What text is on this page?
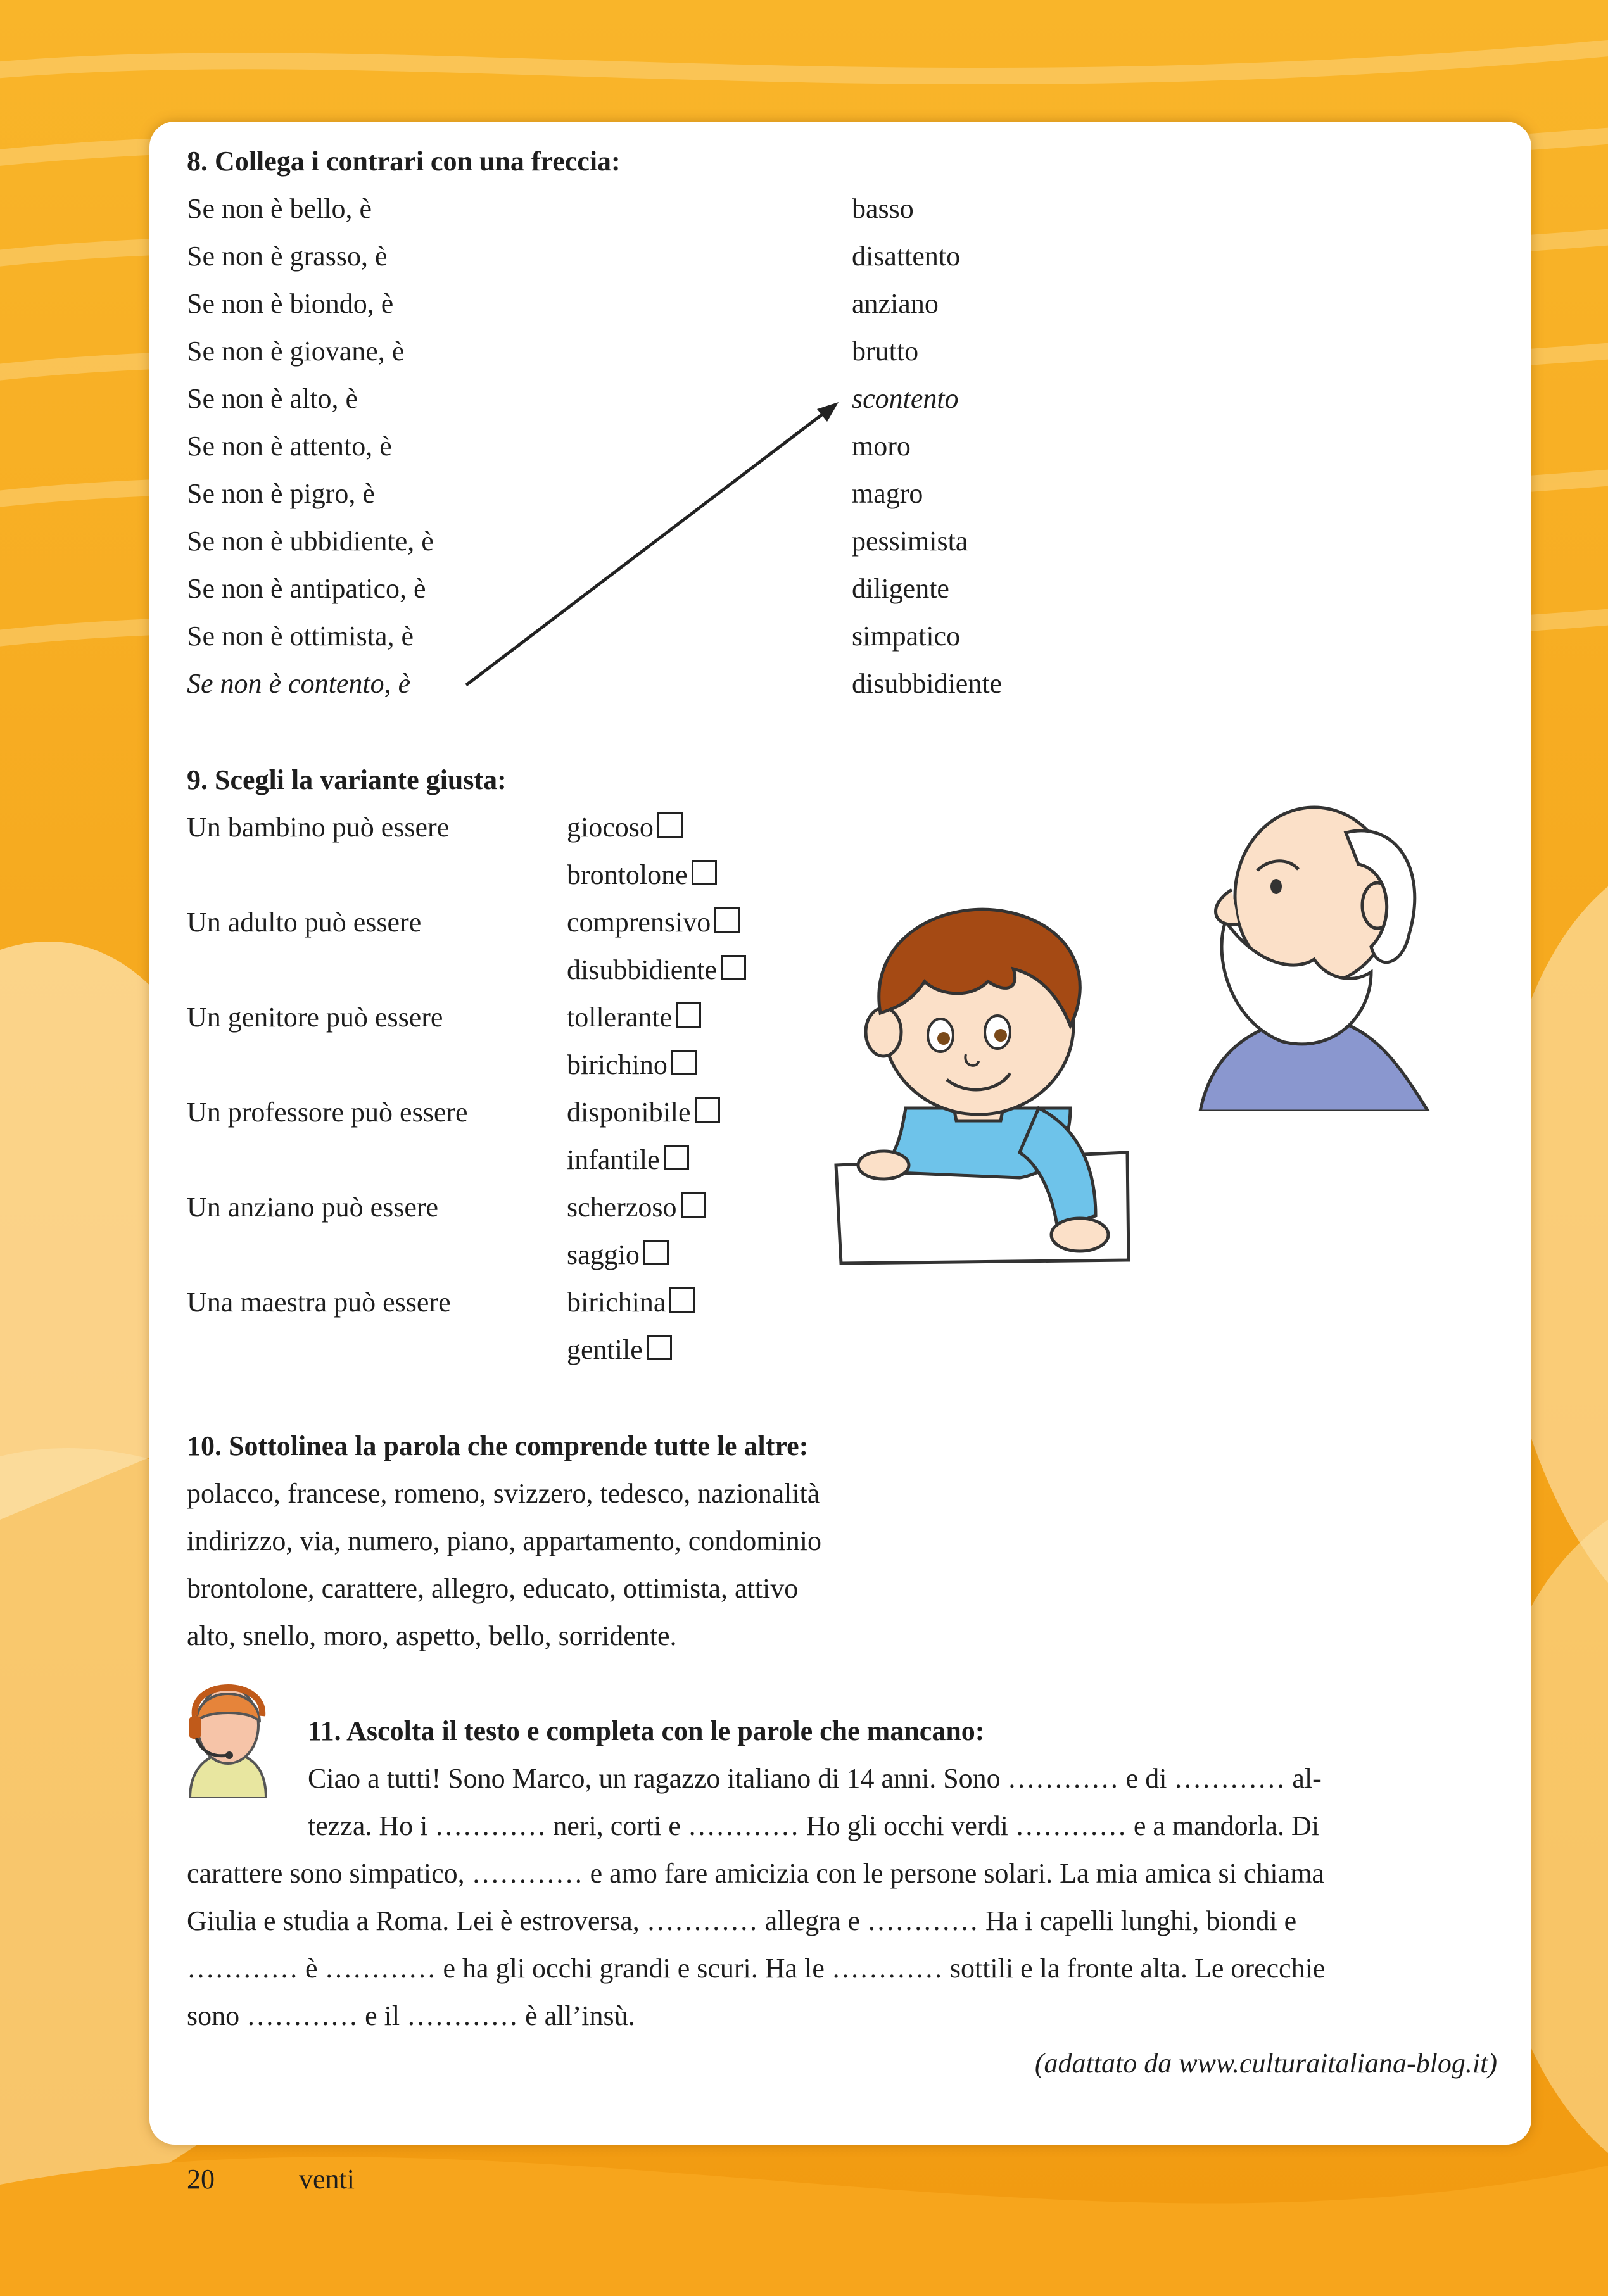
8. Collega i contrari con una freccia:
Se non è bello, è
Se non è grasso, è
Se non è biondo, è
Se non è giovane, è
Se non è alto, è
Se non è attento, è
Se non è pigro, è
Se non è ubbidiente, è
Se non è antipatico, è
Se non è ottimista, è
Se non è contento, è
basso
disattento
anziano
brutto
scontento
moro
magro
pessimista
diligente
simpatico
disubbidiente
9. Scegli la variante giusta:
Un bambino può essere
Un adulto può essere
Un genitore può essere
Un professore può essere
Un anziano può essere
Una maestra può essere
giocoso
brontolone
comprensivo
disubbidiente
tollerante
birichino
disponibile
infantile
scherzoso
saggio
birichina
gentile
10. Sottolinea la parola che comprende tutte le altre:
polacco, francese, romeno, svizzero, tedesco, nazionalità
indirizzo, via, numero, piano, appartamento, condominio
brontolone, carattere, allegro, educato, ottimista, attivo
alto, snello, moro, aspetto, bello, sorridente.
11. Ascolta il testo e completa con le parole che mancano:
Ciao a tutti! Sono Marco, un ragazzo italiano di 14 anni. Sono ………… e di ………… al-
tezza. Ho i ………… neri, corti e ………… Ho gli occhi verdi ………… e a mandorla. Di
carattere sono simpatico, ………… e amo fare amicizia con le persone solari. La mia amica si chiama
Giulia e studia a Roma. Lei è estroversa, ………… allegra e ………… Ha i capelli lunghi, biondi e
………… è ………… e ha gli occhi grandi e scuri. Ha le ………… sottili e la fronte alta. Le orecchie
sono ………… e il ………… è all’insù.
(adattato da www.culturaitaliana-blog.it)
20	venti
